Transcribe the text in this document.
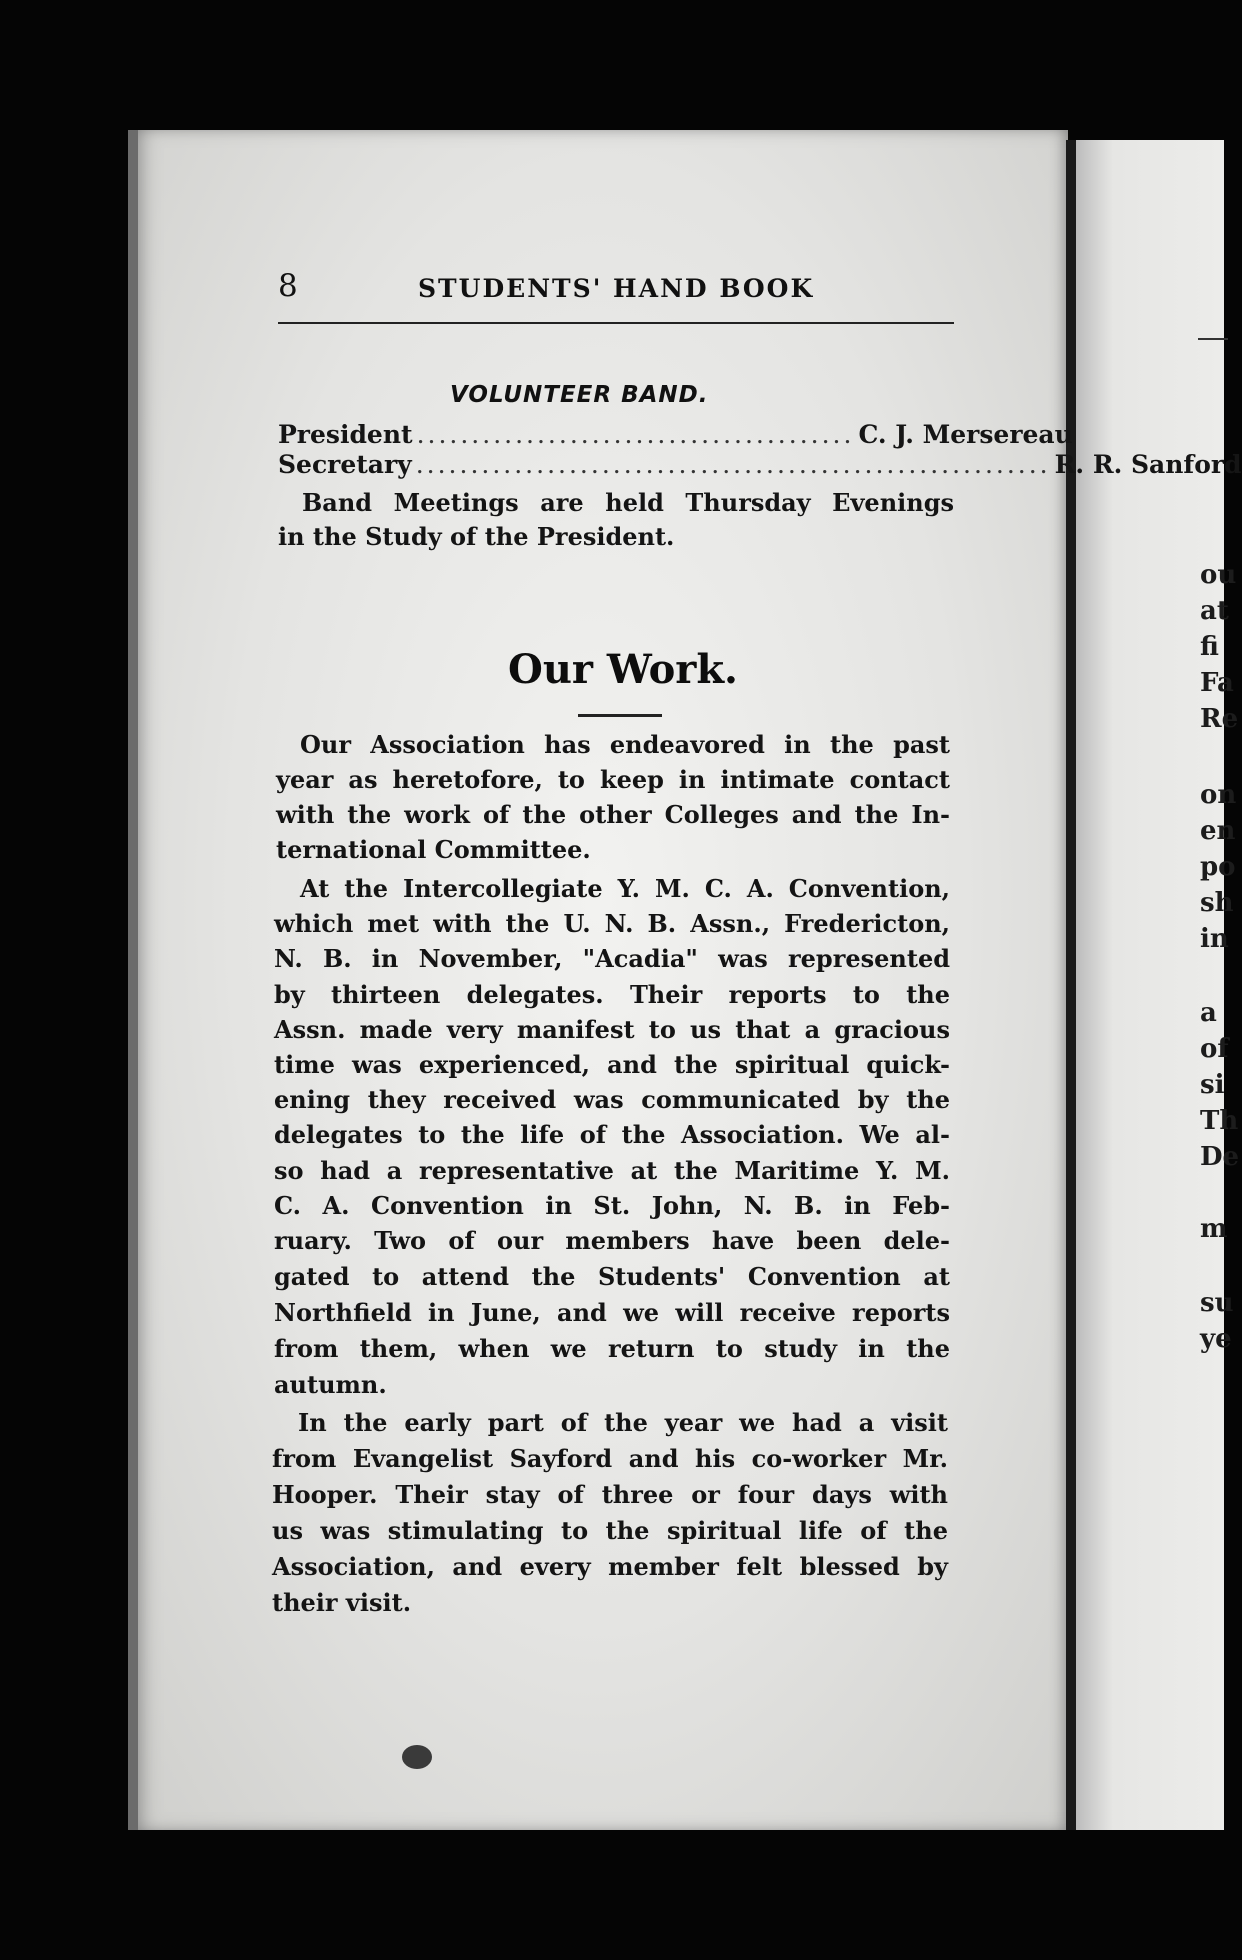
ou
at
fi
Fa
Re
on
en
po
sh
in
a
of
si
Th
De
m
su
ye
8	STUDENTS' HAND BOOK
VOLUNTEER BAND.
President ........................................ C. J. Mersereau
Secretary .......................................................... R. R. Sanford
Band Meetings are held Thursday Evenings
in the Study of the President.
Our Work.
Our Association has endeavored in the past
year as heretofore, to keep in intimate contact
with the work of the other Colleges and the In-
ternational Committee.
At the Intercollegiate Y. M. C. A. Convention,
which met with the U. N. B. Assn., Fredericton,
N. B. in November, "Acadia" was represented
by thirteen delegates. Their reports to the
Assn. made very manifest to us that a gracious
time was experienced, and the spiritual quick-
ening they received was communicated by the
delegates to the life of the Association. We al-
so had a representative at the Maritime Y. M.
C. A. Convention in St. John, N. B. in Feb-
ruary. Two of our members have been dele-
gated to attend the Students' Convention at
Northfield in June, and we will receive reports
from them, when we return to study in the
autumn.
In the early part of the year we had a visit
from Evangelist Sayford and his co-worker Mr.
Hooper. Their stay of three or four days with
us was stimulating to the spiritual life of the
Association, and every member felt blessed by
their visit.
